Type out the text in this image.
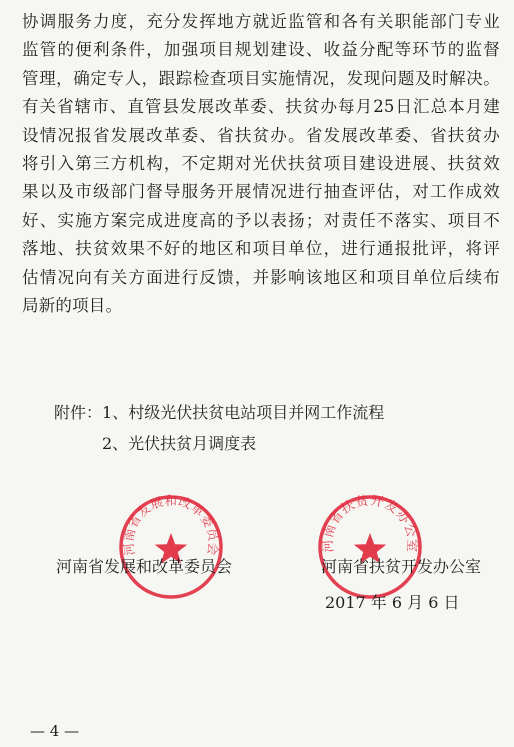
协调服务力度，充分发挥地方就近监管和各有关职能部门专业
监管的便利条件，加强项目规划建设、收益分配等环节的监督
管理，确定专人，跟踪检查项目实施情况，发现问题及时解决。
有关省辖市、直管县发展改革委、扶贫办每月25日汇总本月建
设情况报省发展改革委、省扶贫办。省发展改革委、省扶贫办
将引入第三方机构，不定期对光伏扶贫项目建设进展、扶贫效
果以及市级部门督导服务开展情况进行抽查评估，对工作成效
好、实施方案完成进度高的予以表扬；对责任不落实、项目不
落地、扶贫效果不好的地区和项目单位，进行通报批评，将评
估情况向有关方面进行反馈，并影响该地区和项目单位后续布
局新的项目。
附件：1、村级光伏扶贫电站项目并网工作流程
2、光伏扶贫月调度表
河南省发展和改革委员会	河南省扶贫开发办公室
河南省发展和改革委员会	河南省扶贫开发办公室
2017 年 6 月 6 日
— 4 —
